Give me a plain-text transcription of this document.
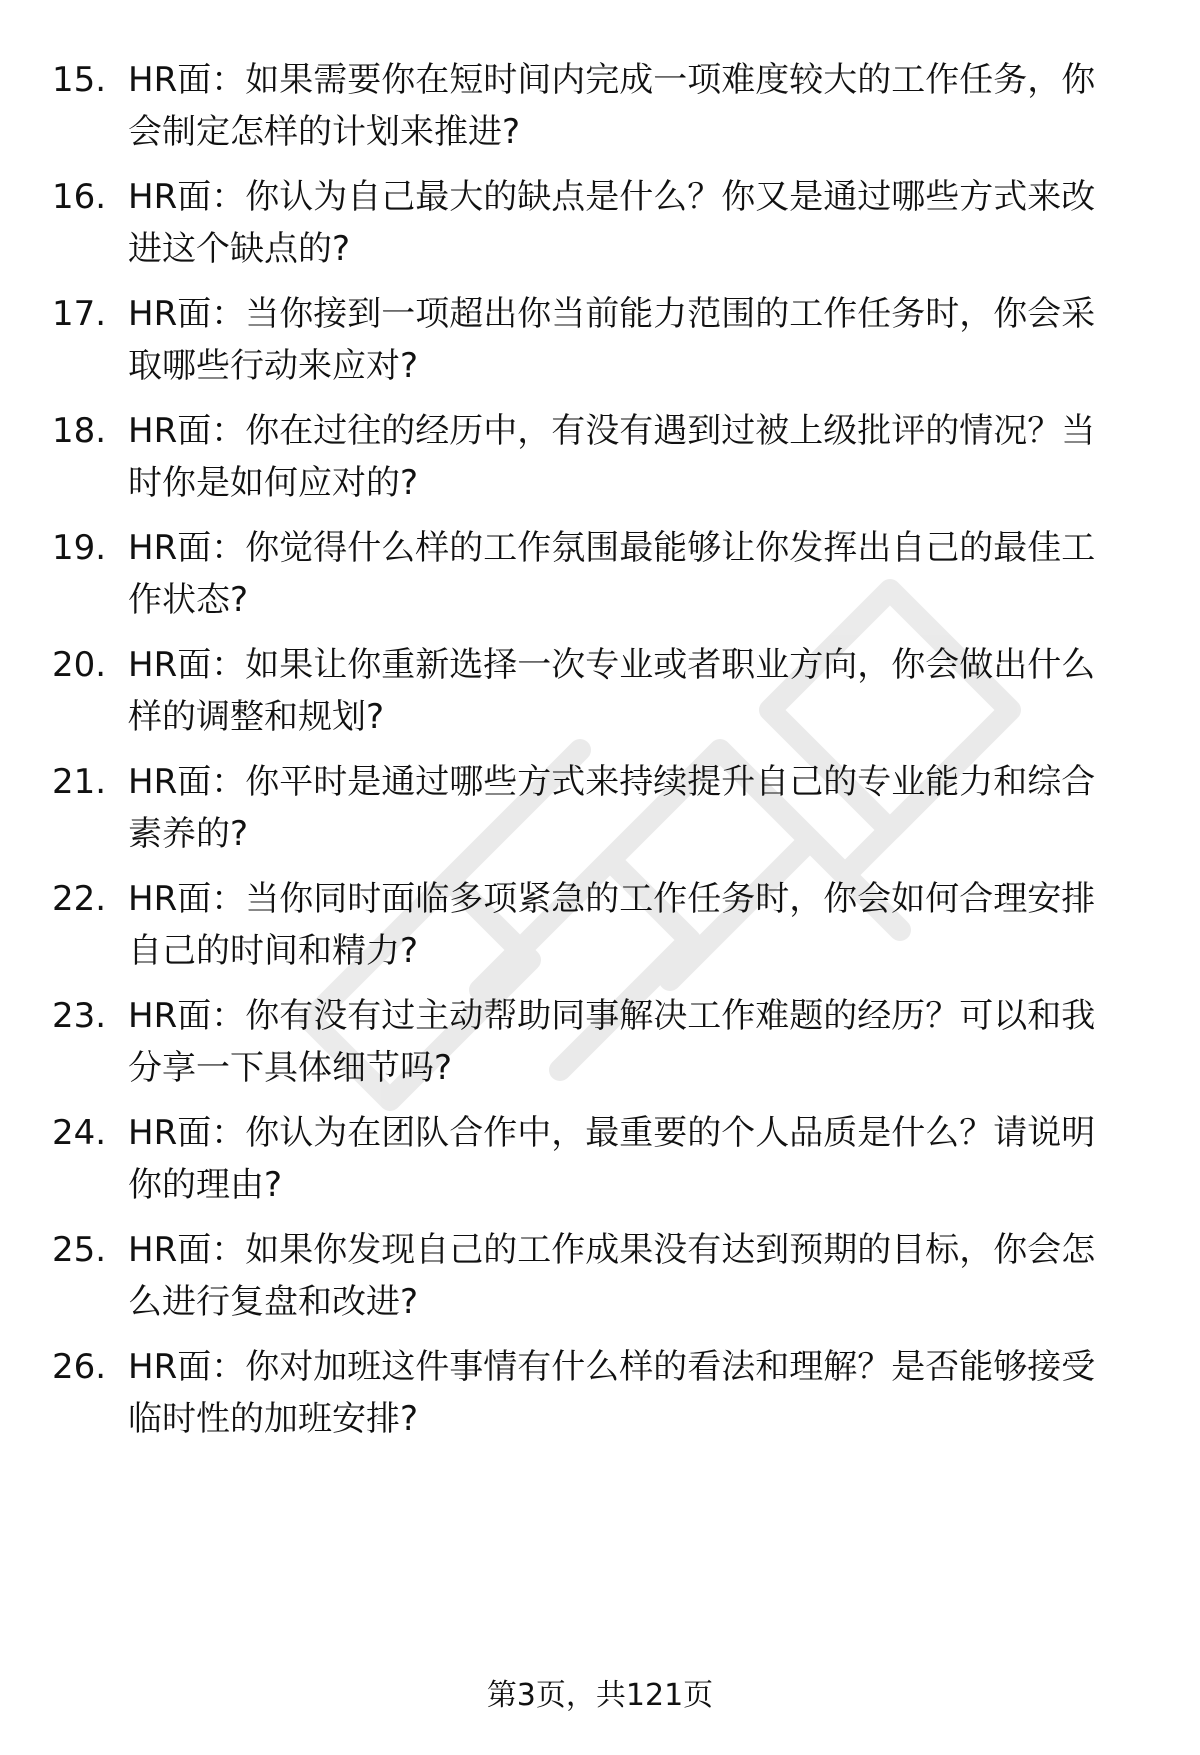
15. HR面：如果需要你在短时间内完成一项难度较大的工作任务，你
会制定怎样的计划来推进?
16. HR面：你认为自己最大的缺点是什么？你又是通过哪些方式来改
进这个缺点的?
17. HR面：当你接到一项超出你当前能力范围的工作任务时，你会采
取哪些行动来应对?
18. HR面：你在过往的经历中，有没有遇到过被上级批评的情况？当
时你是如何应对的?
19. HR面：你觉得什么样的工作氛围最能够让你发挥出自己的最佳工
作状态?
20. HR面：如果让你重新选择一次专业或者职业方向，你会做出什么
样的调整和规划?
21. HR面：你平时是通过哪些方式来持续提升自己的专业能力和综合
素养的?
22. HR面：当你同时面临多项紧急的工作任务时，你会如何合理安排
自己的时间和精力?
23. HR面：你有没有过主动帮助同事解决工作难题的经历？可以和我
分享一下具体细节吗?
24. HR面：你认为在团队合作中，最重要的个人品质是什么？请说明
你的理由?
25. HR面：如果你发现自己的工作成果没有达到预期的目标，你会怎
么进行复盘和改进?
26. HR面：你对加班这件事情有什么样的看法和理解？是否能够接受
临时性的加班安排?
第3页，共121页
